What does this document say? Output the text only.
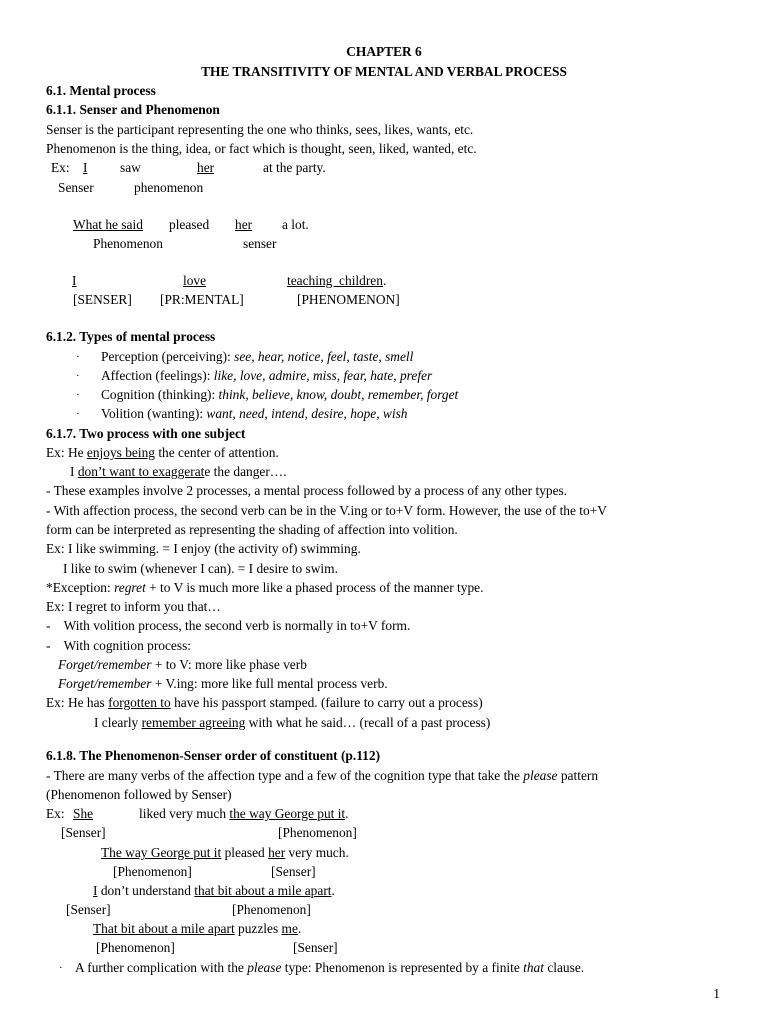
CHAPTER 6
THE TRANSITIVITY OF MENTAL AND VERBAL PROCESS
6.1. Mental process
6.1.1. Senser and Phenomenon
Senser is the participant representing the one who thinks, sees, likes, wants, etc.
Phenomenon is the thing, idea, or fact which is thought, seen, liked, wanted, etc.
Ex: I saw	her	at the party.
Senser	phenomenon
What he said pleased her a lot.
Phenomenon	senser
I	love	teaching  children.
[SENSER] [PR:MENTAL]	[PHENOMENON]
6.1.2. Types of mental process
· Perception (perceiving): see, hear, notice, feel, taste, smell
· Affection (feelings): like, love, admire, miss, fear, hate, prefer
· Cognition (thinking): think, believe, know, doubt, remember, forget
· Volition (wanting): want, need, intend, desire, hope, wish
6.1.7. Two process with one subject
Ex: He enjoys being the center of attention.
I don’t want to exaggerate the danger….
- These examples involve 2 processes, a mental process followed by a process of any other types.
- With affection process, the second verb can be in the V.ing or to+V form. However, the use of the to+V
form can be interpreted as representing the shading of affection into volition.
Ex: I like swimming. = I enjoy (the activity of) swimming.
I like to swim (whenever I can). = I desire to swim.
*Exception: regret + to V is much more like a phased process of the manner type.
Ex: I regret to inform you that…
-    With volition process, the second verb is normally in to+V form.
-    With cognition process:
Forget/remember + to V: more like phase verb
Forget/remember + V.ing: more like full mental process verb.
Ex: He has forgotten to have his passport stamped. (failure to carry out a process)
I clearly remember agreeing with what he said… (recall of a past process)
6.1.8. The Phenomenon-Senser order of constituent (p.112)
- There are many verbs of the affection type and a few of the cognition type that take the please pattern
(Phenomenon followed by Senser)
Ex: She	liked very much the way George put it.
[Senser]	[Phenomenon]
The way George put it pleased her very much.
[Phenomenon]	[Senser]
I don’t understand that bit about a mile apart.
[Senser]	[Phenomenon]
That bit about a mile apart puzzles me.
[Phenomenon]	[Senser]
· A further complication with the please type: Phenomenon is represented by a finite that clause.
1
